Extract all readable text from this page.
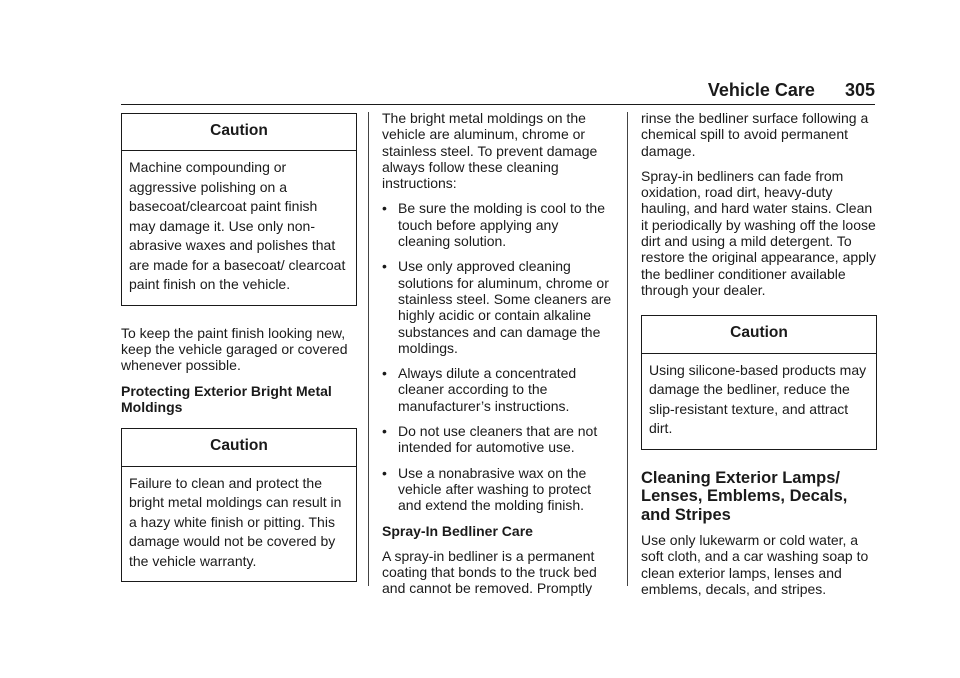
Vehicle Care 305
Caution
Machine compounding or aggressive polishing on a basecoat/clearcoat paint finish may damage it. Use only non-abrasive waxes and polishes that are made for a basecoat/ clearcoat paint finish on the vehicle.

To keep the paint finish looking new, keep the vehicle garaged or covered whenever possible.

Protecting Exterior Bright Metal Moldings

Caution
Failure to clean and protect the bright metal moldings can result in a hazy white finish or pitting. This damage would not be covered by the vehicle warranty.

The bright metal moldings on the vehicle are aluminum, chrome or stainless steel. To prevent damage always follow these cleaning instructions:

• Be sure the molding is cool to the touch before applying any cleaning solution.
• Use only approved cleaning solutions for aluminum, chrome or stainless steel. Some cleaners are highly acidic or contain alkaline substances and can damage the moldings.
• Always dilute a concentrated cleaner according to the manufacturer’s instructions.
• Do not use cleaners that are not intended for automotive use.
• Use a nonabrasive wax on the vehicle after washing to protect and extend the molding finish.

Spray-In Bedliner Care

A spray-in bedliner is a permanent coating that bonds to the truck bed and cannot be removed. Promptly

rinse the bedliner surface following a chemical spill to avoid permanent damage.

Spray-in bedliners can fade from oxidation, road dirt, heavy-duty hauling, and hard water stains. Clean it periodically by washing off the loose dirt and using a mild detergent. To restore the original appearance, apply the bedliner conditioner available through your dealer.

Caution
Using silicone-based products may damage the bedliner, reduce the slip-resistant texture, and attract dirt.
Cleaning Exterior Lamps/ Lenses, Emblems, Decals, and Stripes

Use only lukewarm or cold water, a soft cloth, and a car washing soap to clean exterior lamps, lenses and emblems, decals, and stripes.
